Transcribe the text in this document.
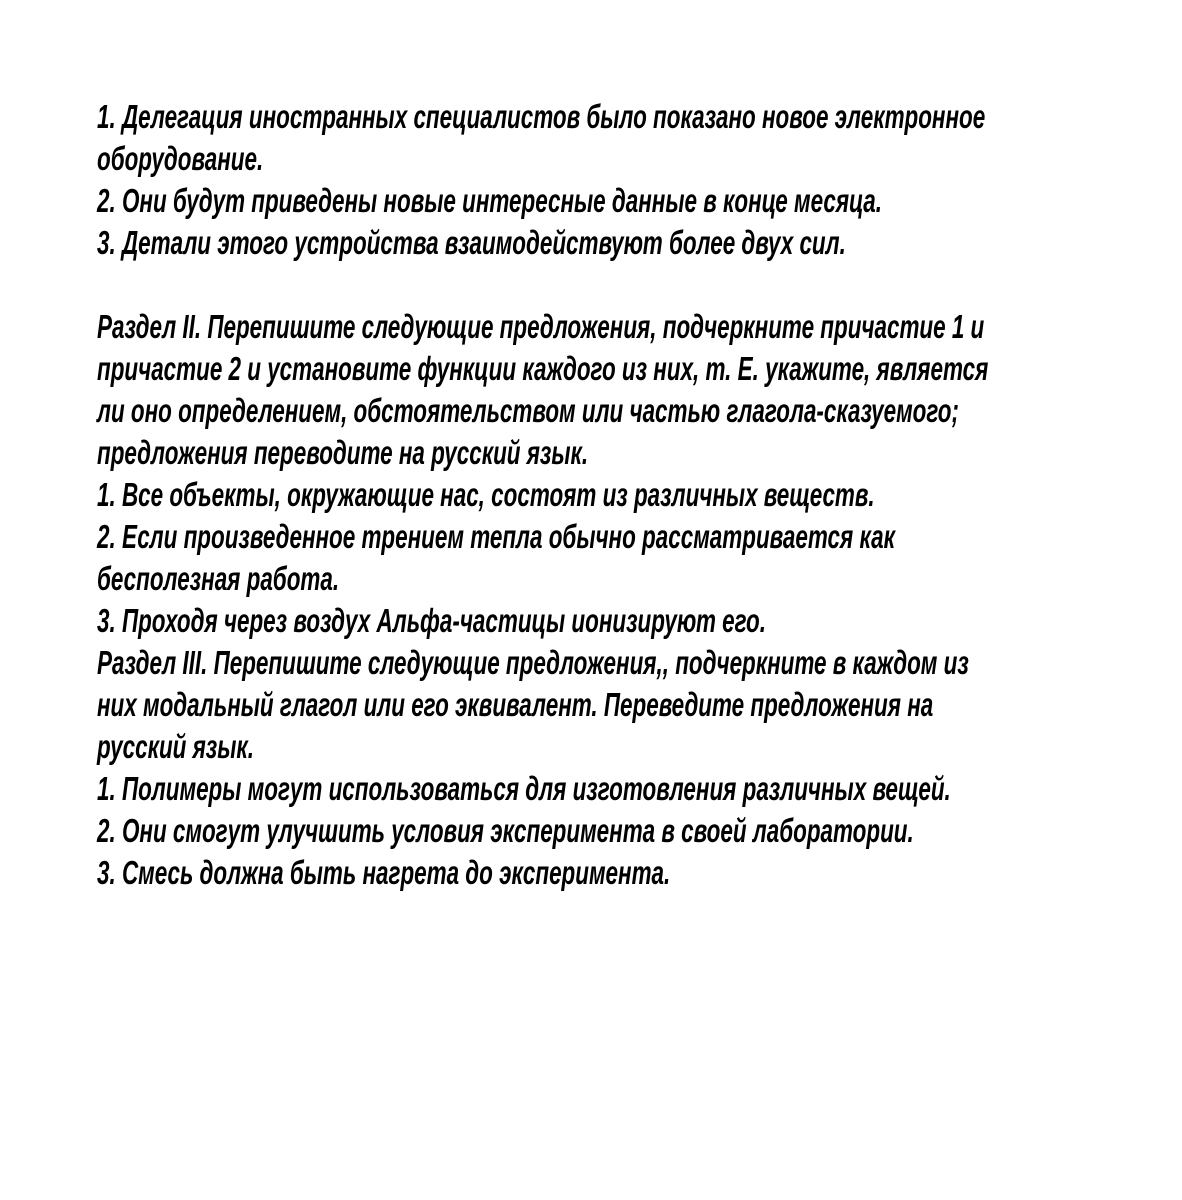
1. Делегация иностранных специалистов было показано новое электронное
оборудование.
2. Они будут приведены новые интересные данные в конце месяца.
3. Детали этого устройства взаимодействуют более двух сил.
Раздел II. Перепишите следующие предложения, подчеркните причастие 1 и
причастие 2 и установите функции каждого из них, т. Е. укажите, является
ли оно определением, обстоятельством или частью глагола-сказуемого;
предложения переводите на русский язык.
1. Все объекты, окружающие нас, состоят из различных веществ.
2. Если произведенное трением тепла обычно рассматривается как
бесполезная работа.
3. Проходя через воздух Альфа-частицы ионизируют его.
Раздел III. Перепишите следующие предложения,, подчеркните в каждом из
них модальный глагол или его эквивалент. Переведите предложения на
русский язык.
1. Полимеры могут использоваться для изготовления различных вещей.
2. Они смогут улучшить условия эксперимента в своей лаборатории.
3. Смесь должна быть нагрета до эксперимента.
